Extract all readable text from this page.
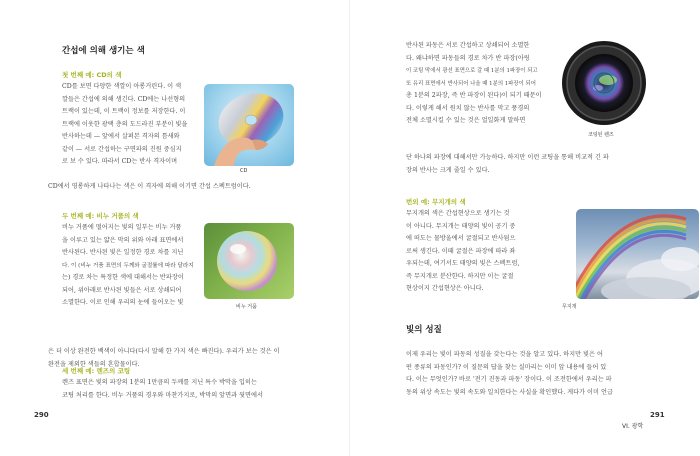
간섭에 의해 생기는 색
첫 번째 예: CD의 색
CD를 보면 다양한 색깔이 아롱거린다. 이 색
깔들은 간섭에 의해 생긴다. CD에는 나선형의
트랙이 있는데, 이 트랙이 정보를 저장한다. 이
트랙에 이웃한 광택 층의 도드라진 부분이 빛을
반사하는데 — 앞에서 살펴본 격자의 틈새와
같이 — 서로 간섭하는 구면파의 진원 중심지
로 보 수 있다. 따라서 CD는 반사 격자이며
CD에서 영롱하게 나타나는 색은 이 격자에 의해 이기면 간섭 스펙트럼이다.
CD
두 번째 예: 비누 거품의 색
비누 거품에 떨어지는 빛의 일부는 비누 거품
을 이루고 있는 얇은 막의 위와 아래 표면에서
반사된다. 반사된 빛은 일정한 경로 차를 지닌
다. 이 (비누 거품 표면의 두께와 굴절률에 따라 달라지
는) 경로 차는 특정한 색에 대해서는 반파장이
되어, 위아래로 반사된 빛들은 서로 상쇄되어
소멸한다. 이로 인해 우리의 눈에 들어오는 빛
은 더 이상 완전한 백색이 아니다(다시 말해 한 가지 색은 빠진다). 우리가 보는 것은 이
완전을 제외한 색들의 혼합물이다.
비누 거품
세 번째 예: 렌즈의 코팅
렌즈 표면은 빛의 파장의 1분의 1만큼의 두께를 지닌 특수 박막을 입히는
코팅 처리를 한다. 비누 거품의 경우와 마찬가지로, 박막의 앞면과 뒷면에서
290
반사된 파동은 서로 간섭하고 상쇄되어 소멸한
다. 왜냐하면 파동들의 경로 차가 반 파장(아링
이 코팅 막에서 광선 표면으로 갈 때 1분의 1파장이 되고
또 유리 표면에서 반사되어 나올 때 1분의 1파장이 되어
총 1분의 2파장, 즉 반 파장이 된다)이 되기 때문이
다. 이렇게 해서 원치 않는 반사를 막고 풍경의
전체 소멸시킬 수 있는 것은 얼일화게 말하면
단 하나의 파장에 대해서만 가능하다. 하지만 이런 코팅을 통해 비교적 긴 파
장의 반사는 크게 줄일 수 있다.
코팅된 렌즈
번외 예: 무지개의 색
무지개의 색은 간섭현상으로 생기는 것
이 아니다. 무지개는 태양의 빛이 공기 중
에 떠도는 물방울에서 굴절되고 반사됨으
로써 생긴다. 이때 굴절은 파장에 따라 좌
우되는데, 여기서도 태양의 빛은 스펙트럼,
즉 무지개로 분산한다. 하지만 이는 굴절
현상이지 간섭현상은 아니다.
무지개
빛의 성질
이제 우리는 빛이 파동의 성질을 갖는다는 것을 알고 있다. 하지만 빛은 어
떤 종류의 파동인가? 이 질문의 답을 찾는 실마리는 이미 앞 내용에 들어 있
다. 이는 무엇인가? 바로 '전기 진동과 파동' 장이다. 이 조전한에서 우리는 파
동의 위상 속도는 빛의 속도와 일치한다는 사실을 확인했다. 게다가 이미 언급
291
VI. 광학
